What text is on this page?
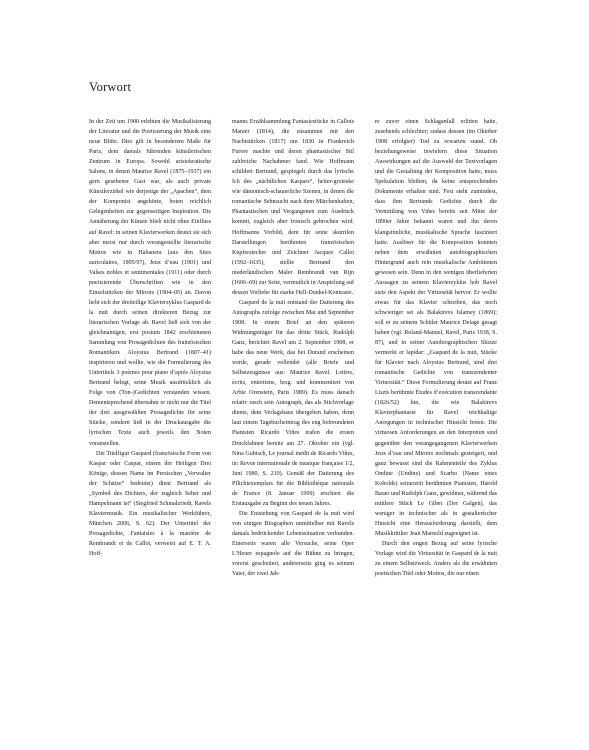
Vorwort

In der Zeit um 1900 erlebten die Musikalisierung der Literatur und die Poetisierung der Musik eine neue Blüte. Dies gilt in besonderem Maße für Paris, dem damals führenden künstlerischen Zentrum in Europa. Sowohl aristokratische Salons, in denen Maurice Ravel (1875–1937) ein gern gesehener Gast war, als auch private Künstlerzirkel wie derjenige der „Apachen“, dem der Komponist angehörte, boten reichlich Gelegenheiten zur gegenseitigen Inspiration. Die Annäherung der Künste blieb nicht ohne Einfluss auf Ravel: in seinen Klavierwerken deutet sie sich aber meist nur durch vorangestellte literarische Mottos wie in Habanera (aus den Sites auriculaires, 1895/97), Jeux d’eau (1901) und Valses nobles et sentimentales (1911) oder durch poetisierende Überschriften wie in den Einzelstücken der Miroirs (1904–05) an. Davon hebt sich der dreiteilige Klavierzyklus Gaspard de la nuit durch seinen direkteren Bezug zur literarischen Vorlage ab. Ravel ließ sich von der gleichnamigen, erst postum 1842 erschienenen Sammlung von Prosagedichten des französischen Romantikers Aloysius Bertrand (1807–41) inspirieren und wollte, wie die Formulierung des Untertitels 3 poèmes pour piano d’après Aloysius Bertrand belegt, seine Musik ausdrücklich als Folge von (Ton-)Gedichten verstanden wissen. Dementsprechend übernahm er nicht nur die Titel der drei ausgewählten Prosagedichte für seine Stücke, sondern ließ in der Druckausgabe die lyrischen Texte auch jeweils den Noten voranstellen.

Die Titelfigur Gaspard (französische Form von Kaspar oder Caspar, einem der Heiligen Drei Könige, dessen Name im Persischen „Verwalter der Schätze“ bedeutet) dient Bertrand als „Symbol des Dichters, der zugleich Seher und Hampelmann ist“ (Siegfried Schmalzriedt, Ravels Klaviermusik. Ein musikalischer Werkführer, München 2006, S. 62). Der Untertitel der Prosagedichte, Fantaisies à la manière de Rembrandt et de Callot, verweist auf E. T. A. Hoff-

manns Erzählsammlung Fantasiestücke in Callots Manier (1814), die zusammen mit den Nachtstücken (1817) um 1830 in Frankreich Furore machte und deren phantastischer Stil zahlreiche Nachahmer fand. Wie Hoffmann schildert Bertrand, gespiegelt durch das lyrische Ich des „nächtlichen Kaspars“, heiter-groteske wie dämonisch-schauerliche Szenen, in denen die romantische Sehnsucht nach dem Märchenhaften, Phantastischen und Vergangenen zum Ausdruck kommt, zugleich aber ironisch gebrochen wird. Hoffmanns Vorbild, dem für seine skurrilen Darstellungen berühmten französischen Kupferstecher und Zeichner Jacques Callot (1592–1635), stellte Bertrand den niederländischen Maler Rembrandt van Rijn (1606–69) zur Seite, vermutlich in Anspielung auf dessen Vorliebe für starke Hell-Dunkel-Kontraste.

Gaspard de la nuit entstand der Datierung des Autographs zufolge zwischen Mai und September 1908. In einem Brief an den späteren Widmungsträger für das dritte Stück, Rudolph Ganz, berichtet Ravel am 2. September 1908, er habe das neue Werk, das bei Durand erscheinen werde, gerade vollendet (alle Briefe und Selbstzeugnisse aus: Maurice Ravel. Lettres, écrits, entretiens, hrsg. und kommentiert von Arbie Orenstein, Paris 1989). Es muss danach relativ rasch sein Autograph, das als Stichvorlage diente, dem Verlagshaus übergeben haben, denn laut einem Tagebucheintrag des eng befreundeten Pianisten Ricardo Viñes trafen die ersten Druckfahnen bereits am 27. Oktober ein (vgl. Nina Gubisch, Le journal inédit de Ricardo Viñes, in: Revue internationale de musique française 1/2, Juni 1980, S. 210). Gemäß der Datierung des Pflichtexemplars für die Bibliothèque nationale de France (8. Januar 1909) erschien die Erstausgabe zu Beginn des neuen Jahres.

Die Entstehung von Gaspard de la nuit wird von einigen Biographen unmittelbar mit Ravels damals bedrückender Lebenssituation verbunden. Einerseits waren alle Versuche, seine Oper L’Heure espagnole auf die Bühne zu bringen, vorerst gescheitert, andererseits ging es seinem Vater, der zwei Jah-

re zuvor einen Schlaganfall erlitten hatte, zusehends schlechter; sodass dessen (im Oktober 1908 erfolgter) Tod zu erwarten stand. Ob beziehungsweise inwiefern diese Situation Auswirkungen auf die Auswahl der Textvorlagen und die Gestaltung der Komposition hatte, muss Spekulation bleiben, da keine entsprechenden Dokumente erhalten sind. Fest steht zumindest, dass ihm Bertrands Gedichte durch die Vermittlung von Viñes bereits seit Mitte der 1890er Jahre bekannt waren und ihn deren klangsinnliche, musikalische Sprache fasziniert hatte. Auslöser für die Komposition konnten neben dem erwähnten autobiographischen Hintergrund auch rein musikalische Ambitionen gewesen sein. Denn in den wenigen überlieferten Aussagen zu seinem Klavierzyklus hob Ravel stets den Aspekt der Virtuosität hervor. Er wollte etwas für das Klavier schreiben, das noch schwieriger sei als Balakirevs Islamey (1869); soll er zu seinem Schüler Maurice Delage gesagt haben (vgl. Roland-Manuel, Ravel, Paris 1938, S. 87), und in seiner Autobiographischen Skizze vermerkt er lapidar: „Gaspard de la nuit, Stücke für Klavier nach Aloysius Bertrand, sind drei romantische Gedichte von transzendenter Virtuosität.“ Diese Formulierung deutet auf Franz Liszts berühmte Études d’exécution transcendante (1826/52) hin, die wie Balakirevs Klavierphantasie für Ravel reichhaltige Anregungen in technischer Hinsicht boten. Die virtuosen Anforderungen an den Interpreten sind gegenüber den vorangegangenen Klavierwerken Jeux d’eau und Miroirs nochmals gesteigert, und ganz bewusst sind die Rahmenteile des Zyklus Ondine (Undine) und Scarbo (Name eines Kobolds) seinerzeit berühmten Pianisten, Harold Bauer und Rudolph Ganz, gewidmet, während das mittlere Stück Le Gibet (Der Galgen), das weniger in technischer als in gestalterischer Hinsicht eine Herausforderung darstellt, dem Musikkritiker Jean Marnold zugeeignet ist.

Durch den engen Bezug auf seine lyrische Vorlage wird die Virtuosität in Gaspard de la nuit zu einem Selbstzweck. Anders als die erwähnten poetischen Titel oder Mottos, die nur einen
